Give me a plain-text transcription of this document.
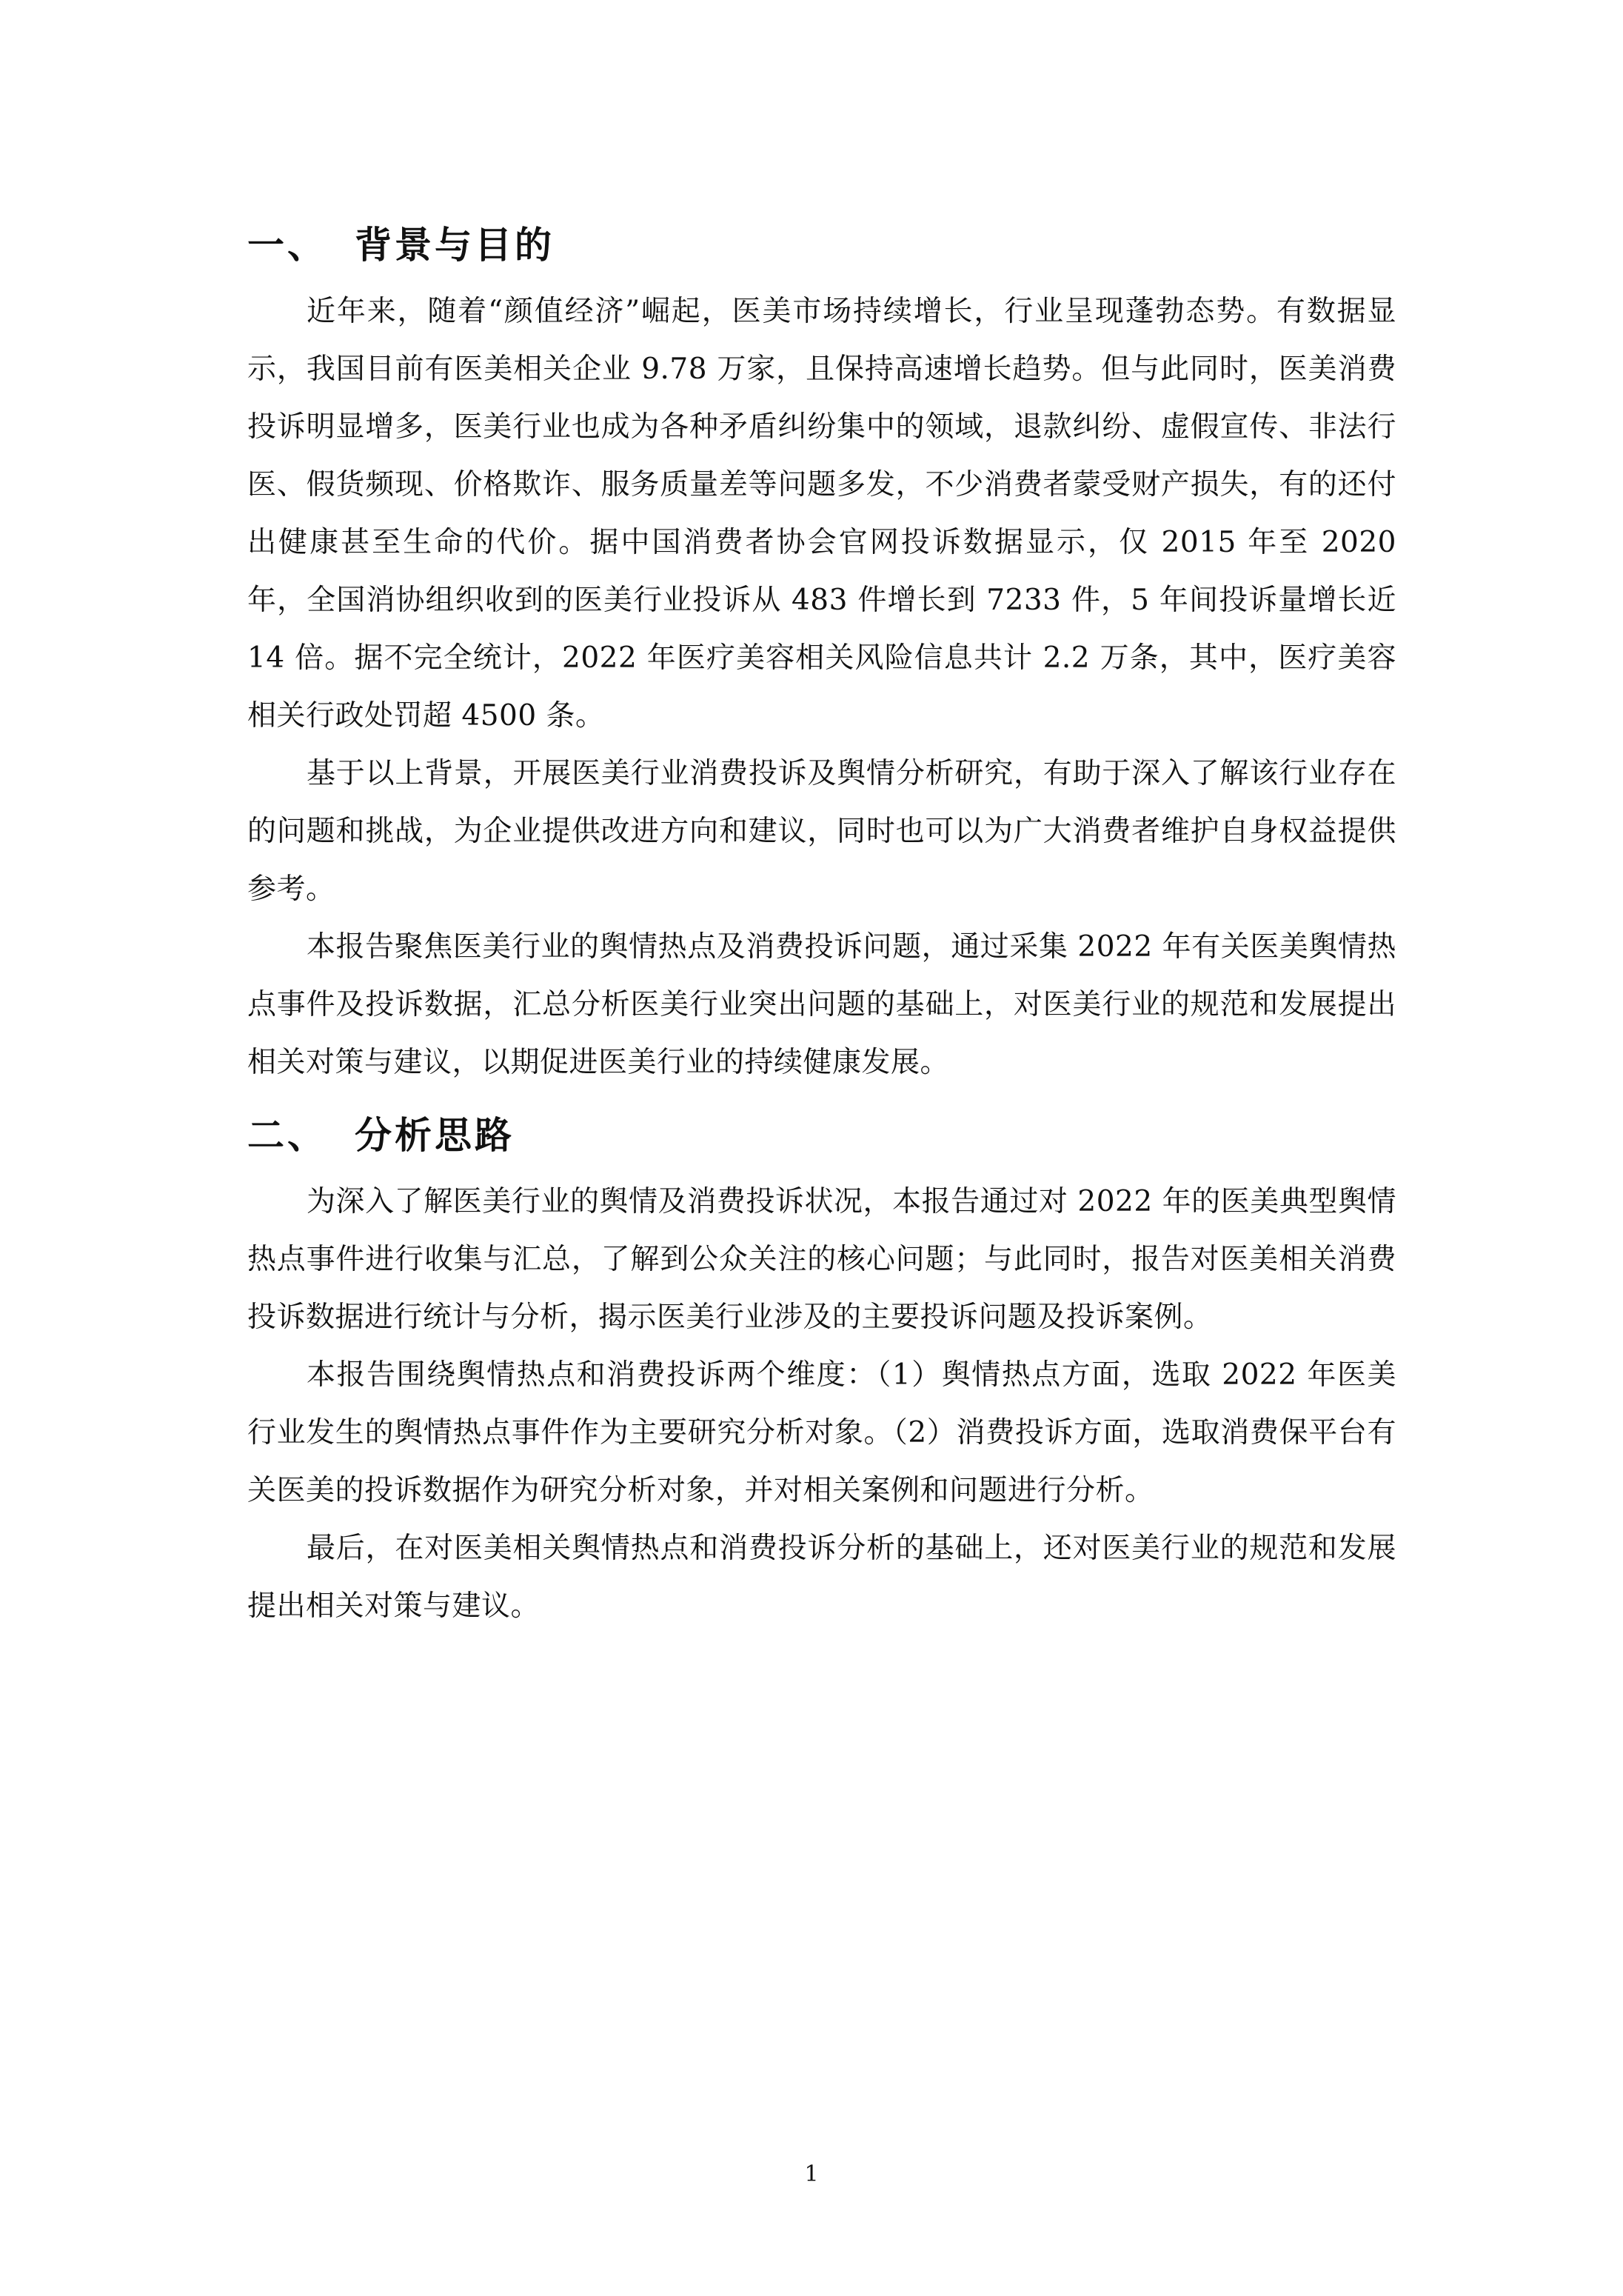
一、 背景与目的

近年来，随着“颜值经济”崛起，医美市场持续增长，行业呈现蓬勃态势。有数据显示，我国目前有医美相关企业 9.78 万家，且保持高速增长趋势。但与此同时，医美消费投诉明显增多，医美行业也成为各种矛盾纠纷集中的领域，退款纠纷、虚假宣传、非法行医、假货频现、价格欺诈、服务质量差等问题多发，不少消费者蒙受财产损失，有的还付出健康甚至生命的代价。据中国消费者协会官网投诉数据显示，仅 2015 年至 2020 年，全国消协组织收到的医美行业投诉从 483 件增长到 7233 件，5 年间投诉量增长近 14 倍。据不完全统计，2022 年医疗美容相关风险信息共计 2.2 万条，其中，医疗美容相关行政处罚超 4500 条。

基于以上背景，开展医美行业消费投诉及舆情分析研究，有助于深入了解该行业存在的问题和挑战，为企业提供改进方向和建议，同时也可以为广大消费者维护自身权益提供参考。

本报告聚焦医美行业的舆情热点及消费投诉问题，通过采集 2022 年有关医美舆情热点事件及投诉数据，汇总分析医美行业突出问题的基础上，对医美行业的规范和发展提出相关对策与建议，以期促进医美行业的持续健康发展。

二、 分析思路

为深入了解医美行业的舆情及消费投诉状况，本报告通过对 2022 年的医美典型舆情热点事件进行收集与汇总，了解到公众关注的核心问题；与此同时，报告对医美相关消费投诉数据进行统计与分析，揭示医美行业涉及的主要投诉问题及投诉案例。

本报告围绕舆情热点和消费投诉两个维度：（1）舆情热点方面，选取 2022 年医美行业发生的舆情热点事件作为主要研究分析对象。（2）消费投诉方面，选取消费保平台有关医美的投诉数据作为研究分析对象，并对相关案例和问题进行分析。

最后，在对医美相关舆情热点和消费投诉分析的基础上，还对医美行业的规范和发展提出相关对策与建议。

1
